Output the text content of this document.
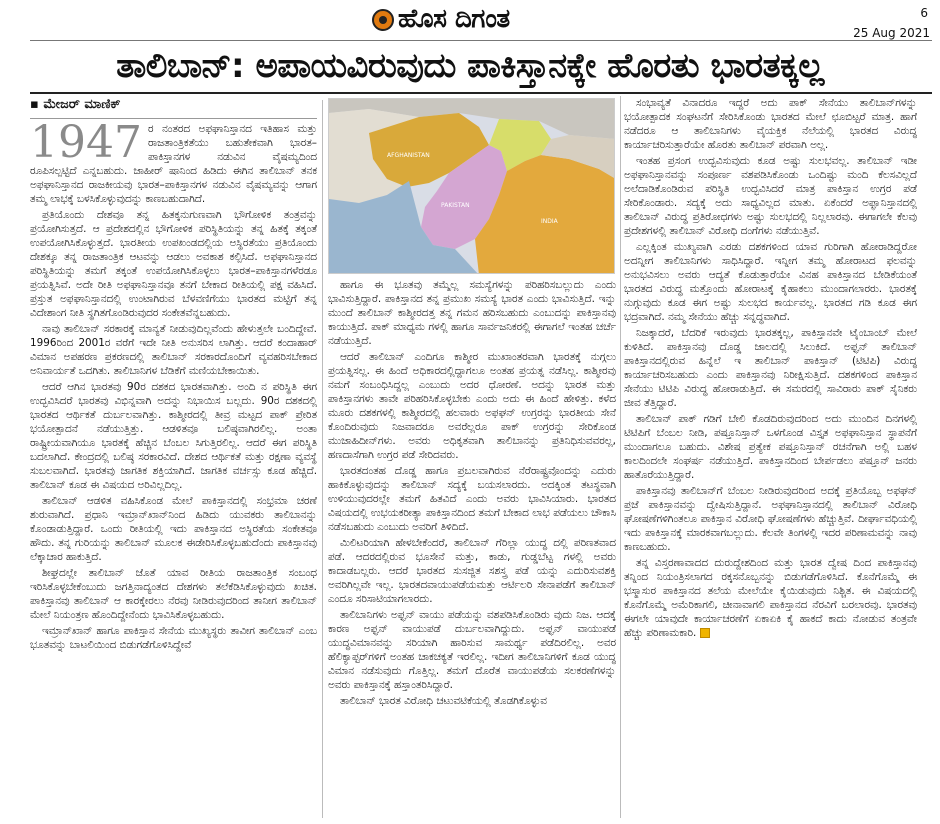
ಹೊಸ ದಿಗಂತ	6
25 Aug 2021
ತಾಲಿಬಾನ್: ಅಪಾಯವಿರುವುದು ಪಾಕಿಸ್ತಾನಕ್ಕೇ ಹೊರತು ಭಾರತಕ್ಕಲ್ಲ
▪ ಮೇಜರ್ ಮಾಣಿಕ್

1947 ರ ನಂತರದ ಅಫಘಾನಿಸ್ತಾನದ ಇತಿಹಾಸ ಮತ್ತು ರಾಜತಾಂತ್ರಿಕತೆಯು ಬಹುತೇಕವಾಗಿ ಭಾರತ–ಪಾಕಿಸ್ತಾನಗಳ ನಡುವಿನ ವೈಷಮ್ಯದಿಂದ ರೂಪಿಸಲ್ಪಟ್ಟಿದೆ ಎನ್ನಬಹುದು. ಜಾಹೀರ್ ಷಾನಿಂದ ಹಿಡಿದು ಈಗಿನ ತಾಲಿಬಾನ್ ತನಕ ಅಫಘಾನಿಸ್ತಾನದ ರಾಜಕೀಯವು ಭಾರತ–ಪಾಕಿಸ್ತಾನಗಳ ನಡುವಿನ ವೈಷಮ್ಯವನ್ನು ಆಗಾಗ ತಮ್ಮ ಲಾಭಕ್ಕೆ ಬಳಸಿಕೊಳ್ಳುವುದನ್ನು ಕಾಣಬಹುದಾಗಿದೆ.

ಪ್ರತಿಯೊಂದು ದೇಶವೂ ತನ್ನ ಹಿತಕ್ಕನುಗುಣವಾಗಿ ಭೌಗೋಳಿಕ ತಂತ್ರವನ್ನು ಪ್ರಯೋಗಿಸುತ್ತದೆ. ಆ ಪ್ರದೇಶದಲ್ಲಿನ ಭೌಗೋಳಿಕ ಪರಿಸ್ಥಿತಿಯನ್ನು ತನ್ನ ಹಿತಕ್ಕೆ ತಕ್ಕಂತೆ ಉಪಯೋಗಿಸಿಕೊಳ್ಳುತ್ತದೆ. ಭಾರತೀಯ ಉಪಖಂಡದಲ್ಲಿಯ ಅಸ್ಥಿರತೆಯು ಪ್ರತಿಯೊಂದು ದೇಶಕ್ಕೂ ತನ್ನ ರಾಜತಾಂತ್ರಿಕ ಆಟವನ್ನು ಆಡಲು ಅವಕಾಶ ಕಲ್ಪಿಸಿದೆ. ಅಫಘಾನಿಸ್ತಾನದ ಪರಿಸ್ಥಿತಿಯನ್ನು ತಮಗೆ ತಕ್ಕಂತೆ ಉಪಯೋಗಿಸಿಕೊಳ್ಳಲು ಭಾರತ–ಪಾಕಿಸ್ತಾನಗಳೆರಡೂ ಪ್ರಯತ್ನಿಸಿವೆ. ಅದೇ ರೀತಿ ಅಫಘಾನಿಸ್ತಾನವೂ ತನಗೆ ಬೇಕಾದ ರೀತಿಯಲ್ಲಿ ಪಕ್ಷ ವಹಿಸಿದೆ. ಪ್ರಸ್ತುತ ಅಫಘಾನಿಸ್ತಾನದಲ್ಲಿ ಉಂಟಾಗಿರುವ ಬೆಳವಣಿಗೆಯು ಭಾರತದ ಮಟ್ಟಿಗೆ ತನ್ನ ವಿದೇಶಾಂಗ ನೀತಿ ಸ್ಥಗಿತಗೊಂಡಿರುವುದರ ಸಂಕೇತವೆನ್ನಬಹುದು.

ನಾವು ತಾಲಿಬಾನ್ ಸರಕಾರಕ್ಕೆ ಮಾನ್ಯತೆ ನೀಡುವುದಿಲ್ಲವೆಂದು ಹೇಳುತ್ತಲೇ ಬಂದಿದ್ದೇವೆ. 1996ರಿಂದ 2001ರ ವರೆಗೆ ಇದೇ ನೀತಿ ಅನುಸರಿಸ ಲಾಗಿತ್ತು. ಆದರೆ ಕಂದಾಹಾರ್ ವಿಮಾನ ಅಪಹರಣ ಪ್ರಕರಣದಲ್ಲಿ ತಾಲಿಬಾನ್ ಸರಕಾರದೊಂದಿಗೆ ವ್ಯವಹರಿಸಬೇಕಾದ ಅನಿವಾರ್ಯತೆ ಒದಗಿತು. ತಾಲಿಬಾನಿಗಳ ಬೆಡಿಕೆಗೆ ಮಣಿಯಬೇಕಾಯಿತು.

ಆದರೆ ಆಗಿನ ಭಾರತವು 90ರ ದಶಕದ ಭಾರತವಾಗಿತ್ತು. ಅಂದಿ ನ ಪರಿಸ್ಥಿತಿ ಈಗ ಉದ್ಭವಿಸಿದರೆ ಭಾರತವು ವಿಭಿನ್ನವಾಗಿ ಅದನ್ನು ನಿಭಾಯಿಸ ಬಲ್ಲದು. 90ರ ದಶಕದಲ್ಲಿ ಭಾರತದ ಆರ್ಥಿಕತೆ ದುರ್ಬಲವಾಗಿತ್ತು. ಕಾಶ್ಮೀರದಲ್ಲಿ ತೀವ್ರ ಮಟ್ಟದ ಪಾಕ್ ಪ್ರೇರಿತ ಭಯೋತ್ಪಾದನೆ ನಡೆಯುತ್ತಿತ್ತು. ಆಡಳಿತವೂ ಬಲಿಷ್ಠವಾಗಿರಲಿಲ್ಲ. ಅಂತಾ ರಾಷ್ಟ್ರೀಯವಾಗಿಯೂ ಭಾರತಕ್ಕೆ ಹೆಚ್ಚಿನ ಬೆಂಬಲ ಸಿಗುತ್ತಿರಲಿಲ್ಲ. ಆದರೆ ಈಗ ಪರಿಸ್ಥಿತಿ ಬದಲಾಗಿದೆ. ಕೇಂದ್ರದಲ್ಲಿ ಬಲಿಷ್ಠ ಸರಕಾರವಿದೆ. ದೇಶದ ಆರ್ಥಿಕತೆ ಮತ್ತು ರಕ್ಷಣಾ ವ್ಯವಸ್ಥೆ ಸುಬಲವಾಗಿದೆ. ಭಾರತವು ಜಾಗತಿಕ ಶಕ್ತಿಯಾಗಿದೆ. ಜಾಗತಿಕ ವರ್ಚಸ್ಸು ಕೂಡ ಹೆಚ್ಚಿದೆ. ತಾಲಿಬಾನ್ ಕೂಡ ಈ ವಿಷಯದ ಅರಿವಿಲ್ಲದಿಲ್ಲ.

ತಾಲಿಬಾನ್ ಆಡಳಿತ ವಹಿಸಿಕೊಂಡ ಮೇಲೆ ಪಾಕಿಸ್ತಾನದಲ್ಲಿ ಸಂಭ್ರಮಾ ಚರಣೆ ಶುರುವಾಗಿದೆ. ಪ್ರಧಾನಿ ಇಮ್ರಾನ್‌ಖಾನ್‌ನಿಂದ ಹಿಡಿದು ಯುವಕರು ತಾಲಿಬಾನನ್ನು ಕೊಂಡಾಡುತ್ತಿದ್ದಾರೆ. ಒಂದು ರೀತಿಯಲ್ಲಿ ಇದು ಪಾಕಿಸ್ತಾನದ ಅಸ್ಥಿರತೆಯ ಸಂಕೇತವೂ ಹೌದು. ತನ್ನ ಗುರಿಯನ್ನು ತಾಲಿಬಾನ್ ಮೂಲಕ ಈಡೇರಿಸಿಕೊಳ್ಳಬಹುದೆಂದು ಪಾಕಿಸ್ತಾನವು ಲೆಕ್ಕಾಚಾರ ಹಾಕುತ್ತಿದೆ.

ಶೀಘ್ರದಲ್ಲೇ ತಾಲಿಬಾನ್ ಜೊತೆ ಯಾವ ರೀತಿಯ ರಾಜತಾಂತ್ರಿಕ ಸಂಬಂಧ ಇರಿಸಿಕೊಳ್ಳಬೇಕೆಂಬುದು ಜಗತ್ತಿನಾದ್ಯಂತದ ದೇಶಗಳು ತಲೆಕೆಡಿಸಿಕೊಳ್ಳುವುದು ಖಚಿತ. ಪಾಕಿಸ್ತಾನವು ತಾಲಿಬಾನ್ ಆ ಕಾರಕ್ಕೇರಲು ನೆರವು ನೀಡಿರುವುದರಿಂದ ತಾನೀಗ ತಾಲಿಬಾನ್ ಮೇಲೆ ನಿಯಂತ್ರಣ ಹೊಂದಿದ್ದೇನೆಂದು ಭಾವಿಸಿಕೊಳ್ಳಬಹುದು.

ಇಮ್ರಾನ್‌ಖಾನ್ ಹಾಗೂ ಪಾಕಿಸ್ತಾನ ಸೇನೆಯ ಮುಖ್ಯಸ್ಥರು ತಾವೀಗ ತಾಲಿಬಾನ್ ಎಂಬ ಭೂತವನ್ನು ಬಾಟಲಿಯಿಂದ ಬಿಡುಗಡೆಗೊಳಿಸಿದ್ದೇವೆ

AFGHANISTAN
PAKISTAN
INDIA

ಹಾಗೂ ಈ ಭೂತವು ತಮ್ಮೆಲ್ಲ ಸಮಸ್ಯೆಗಳನ್ನು ಪರಿಹರಿಸಬಲ್ಲುದು ಎಂದು ಭಾವಿಸುತ್ತಿದ್ದಾರೆ. ಪಾಕಿಸ್ತಾನದ ತನ್ನ ಪ್ರಮುಖ ಸಮಸ್ಯೆ ಭಾರತ ಎಂದು ಭಾವಿಸುತ್ತಿದೆ. ಇನ್ನು ಮುಂದೆ ತಾಲಿಬಾನ್ ಕಾಶ್ಮೀರದತ್ತ ತನ್ನ ಗಮನ ಹರಿಸಬಹುದು ಎಂಬುದನ್ನು ಪಾಕಿಸ್ತಾನವು ಕಾಯುತ್ತಿದೆ. ಪಾಕ್ ಮಾಧ್ಯಮ ಗಳಲ್ಲಿ ಹಾಗೂ ಸಾರ್ವಜನಿಕರಲ್ಲಿ ಈಗಾಗಲೆ ಇಂತಹ ಚರ್ಚೆ ನಡೆಯುತ್ತಿದೆ.

ಆದರೆ ತಾಲಿಬಾನ್ ಎಂದಿಗೂ ಕಾಶ್ಮೀರ ಮುಖಾಂತರವಾಗಿ ಭಾರತಕ್ಕೆ ನುಗ್ಗಲು ಪ್ರಯತ್ನಿಸಲ್ಲ. ಈ ಹಿಂದೆ ಅಧಿಕಾರದಲ್ಲಿದ್ದಾಗಲೂ ಅಂತಹ ಪ್ರಯತ್ನ ನಡೆಸಿಲ್ಲ. ಕಾಶ್ಮೀರವು ನಮಗೆ ಸಂಬಂಧಿಸಿದ್ದಲ್ಲ ಎಂಬುದು ಅದರ ಧೋರಣೆ. ಅದನ್ನು ಭಾರತ ಮತ್ತು ಪಾಕಿಸ್ತಾನಗಳು ತಾವೇ ಪರಿಹರಿಸಿಕೊಳ್ಳಬೇಕು ಎಂದು ಅದು ಈ ಹಿಂದೆ ಹೇಳಿತ್ತು. ಕಳೆದ ಮೂರು ದಶಕಗಳಲ್ಲಿ ಕಾಶ್ಮೀರದಲ್ಲಿ ಹಲವಾರು ಅಫಘನ್ ಉಗ್ರರನ್ನು ಭಾರತೀಯ ಸೇನೆ ಕೊಂದಿರುವುದು ನಿಜವಾದರೂ ಅವರೆಲ್ಲರೂ ಪಾಕ್ ಉಗ್ರರನ್ನು ಸೇರಿಕೊಂಡ ಮುಜಾಹಿದೀನ್‌ಗಳು. ಅವರು ಅಧಿಕೃತವಾಗಿ ತಾಲಿಬಾನನ್ನು ಪ್ರತಿನಿಧಿಸುವವರಲ್ಲ, ಹಣದಾಸೆಗಾಗಿ ಉಗ್ರರ ಪಡೆ ಸೇರಿದವರು.

ಭಾರತದಂತಹ ದೊಡ್ಡ ಹಾಗೂ ಪ್ರಬಲವಾಗಿರುವ ನೆರೆರಾಷ್ಟ್ರವೊಂದನ್ನು ಎದುರು ಹಾಕಿಕೊಳ್ಳುವುದನ್ನು ತಾಲಿಬಾನ್ ಸದ್ಯಕ್ಕೆ ಬಯಸಲಾರದು. ಅದಕ್ಕಿಂತ ತಟಸ್ಥವಾಗಿ ಉಳಿಯುವುದರಲ್ಲೇ ತಮಗೆ ಹಿತವಿದೆ ಎಂದು ಅವರು ಭಾವಿಸಿಯಾರು. ಭಾರತದ ವಿಷಯದಲ್ಲಿ ಉಭಯಕರೀತ್ಯಾ ಪಾಕಿಸ್ತಾನದಿಂದ ತಮಗೆ ಬೇಕಾದ ಲಾಭ ಪಡೆಯಲು ಚೌಕಾಸಿ ನಡೆಸಬಹುದು ಎಂಬುದು ಅವರಿಗೆ ತಿಳಿದಿದೆ.

ಮಿಲಿಟರಿಯಾಗಿ ಹೇಳಬೇಕೆಂದರೆ, ತಾಲಿಬಾನ್ ಗೆರಿಲ್ಲಾ ಯುದ್ಧ ದಲ್ಲಿ ಪರಿಣತವಾದ ಪಡೆ. ಆದರದಲ್ಲಿರುವ ಭೂಸೇನೆ ಮತ್ತು, ಕಾಡು, ಗುಡ್ಡಬೆಟ್ಟ ಗಳಲ್ಲಿ ಅವರು ಕಾದಾಡಬಲ್ಲರು. ಆದರೆ ಭಾರತದ ಸುಸಜ್ಜಿತ ಸಶಸ್ತ್ರ ಪಡೆ ಯನ್ನು ಎದುರಿಸುವಶಕ್ತಿ ಅವರಿಗಿಲ್ಲವೇ ಇಲ್ಲ. ಭಾರತದವಾಯುಪಡೆಯಮತ್ತು ಆರ್ಟಿಲರಿ ಸೇನಾಪಡೆಗೆ ತಾಲಿಬಾನ್ ಎಂದೂ ಸರಿಸಾಟಿಯಾಗಲಾರದು.

ತಾಲಿಬಾನಿಗಳು ಅಫ್ಘನ್ ವಾಯು ಪಡೆಯನ್ನು ವಶಪಡಿಸಿಕೊಂಡಿರು ವುದು ನಿಜ. ಆದಕ್ಕೆ ಕಾರಣ ಅಫ್ಘನ್ ವಾಯುಪಡೆ ದುರ್ಬಲವಾಗಿದ್ದುದು. ಅಫ್ಘನ್ ವಾಯುಪಡೆ ಯುದ್ಧವಿಮಾನವನ್ನು ಸರಿಯಾಗಿ ಹಾರಿಸುವ ಸಾಮರ್ಥ್ಯ ಪಡೆದಿರಲಿಲ್ಲ. ಅವರ ಹೆಲಿಕ್ಯಾಪ್ಟರ್‌ಗಳಿಗೆ ಅಂತಹ ಚಾಕಚಕ್ಯತೆ ಇರಲಿಲ್ಲ. ಇದೀಗ ತಾಲಿಬಾನಿಗಳಿಗೆ ಕೂಡ ಯುದ್ಧ ವಿಮಾನ ನಡೆಸುವುದು ಗೊತ್ತಿಲ್ಲ. ತಮಗೆ ದೊರೆತ ವಾಯುಪಡೆಯ ಸಲಕರಣೆಗಳನ್ನು ಅವರು ಪಾಕಿಸ್ತಾನಕ್ಕೆ ಹಸ್ತಾಂತರಿಸಿದ್ದಾರೆ.

ತಾಲಿಬಾನ್ ಭಾರತ ವಿರೋಧಿ ಚಟುವಟಿಕೆಯಲ್ಲಿ ತೊಡಗಿಕೊಳ್ಳುವ

ಸಂಭಾವ್ಯತೆ ವಿನಾದರೂ ಇದ್ದರೆ ಅದು ಪಾಕ್ ಸೇನೆಯು ತಾಲಿಬಾನ್‌ಗಳನ್ನು ಭಯೋತ್ಪಾದಕ ಸಂಘಟನೆಗೆ ಸೇರಿಸಿಕೊಂಡು ಭಾರತದ ಮೇಲೆ ಛೂಬಿಟ್ಟರೆ ಮಾತ್ರ. ಹಾಗೆ ನಡೆದರೂ ಆ ತಾಲಿಬಾನಿಗಳು ವೈಯಕ್ತಿಕ ನೆಲೆಯಲ್ಲಿ ಭಾರತದ ವಿರುದ್ಧ ಕಾರ್ಯಾಚರಿಸುತ್ತಾರೆಯೇ ಹೊರತು ತಾಲಿಬಾನ್ ಪರವಾಗಿ ಅಲ್ಲ.

ಇಂತಹ ಪ್ರಸಂಗ ಉದ್ಭವಿಸುವುದು ಕೂಡ ಅಷ್ಟು ಸುಲಭವಲ್ಲ. ತಾಲಿಬಾನ್ ಇಡೀ ಅಫಘಾನಿಸ್ತಾನವನ್ನು ಸಂಪೂರ್ಣ ವಶಪಡಿಸಿಕೊಂಡು ಒಂದಿಷ್ಟು ಮಂದಿ ಕೆಲಸವಿಲ್ಲದೆ ಅಲೆದಾಡಿಕೊಂಡಿರುವ ಪರಿಸ್ಥಿತಿ ಉದ್ಭವಿಸಿದರೆ ಮಾತ್ರ ಪಾಕಿಸ್ತಾನ ಉಗ್ರರ ಪಡೆ ಸೇರಿಕೊಂಡಾರು. ಸದ್ಯಕ್ಕೆ ಅದು ಸಾಧ್ಯವಿಲ್ಲದ ಮಾತು. ಏಕೆಂದರೆ ಅಫ್ಘಾನಿಸ್ತಾನದಲ್ಲಿ ತಾಲಿಬಾನ್ ವಿರುದ್ಧ ಪ್ರತಿರೋಧಗಳು ಅಷ್ಟು ಸುಲಭದಲ್ಲಿ ನಿಲ್ಲಲಾರವು. ಈಗಾಗಲೇ ಕೆಲವು ಪ್ರದೇಶಗಳಲ್ಲಿ ತಾಲಿಬಾನ್ ವಿರೋಧಿ ದಂಗೆಗಳು ನಡೆಯುತ್ತಿವೆ.

ಎಲ್ಲಕ್ಕಿಂತ ಮುಖ್ಯವಾಗಿ ಎರಡು ದಶಕಗಳಿಂದ ಯಾವ ಗುರಿಗಾಗಿ ಹೋರಾಡಿದ್ದರೋ ಅದನ್ನೀಗ ತಾಲಿಬಾನಿಗಳು ಸಾಧಿಸಿದ್ದಾರೆ. ಇನ್ನೀಗ ತಮ್ಮ ಹೋರಾಟದ ಫಲವನ್ನು ಅನುಭವಿಸಲು ಅವರು ಆದ್ಯತೆ ಕೊಡುತ್ತಾರೆಯೇ ವಿನಹ ಪಾಕಿಸ್ತಾನದ ಬೇಡಿಕೆಯಂತೆ ಭಾರತದ ವಿರುದ್ಧ ಮತ್ತೊಂದು ಹೋರಾಟಕ್ಕೆ ಕೈಹಾಕಲು ಮುಂದಾಗಲಾರರು. ಭಾರತಕ್ಕೆ ನುಗ್ಗುವುದು ಕೂಡ ಈಗ ಅಷ್ಟು ಸುಲಭದ ಕಾರ್ಯವಲ್ಲ. ಭಾರತದ ಗಡಿ ಕೂಡ ಈಗ ಭದ್ರವಾಗಿದೆ. ನಮ್ಮ ಸೇನೆಯು ಹೆಚ್ಚು ಸನ್ನದ್ಧವಾಗಿದೆ.

ನಿಜಕ್ಕಾದರೆ, ಬೆದರಿಕೆ ಇರುವುದು ಭಾರತಕ್ಕಲ್ಲ, ಪಾಕಿಸ್ತಾನವೇ ಟೈಂಬಾಂಬ್ ಮೇಲೆ ಕುಳಿತಿದೆ. ಪಾಕಿಸ್ತಾನವು ದೊಡ್ಡ ಜಾಲದಲ್ಲಿ ಸಿಲುಕಿದೆ. ಅಫ್ಘನ್ ತಾಲಿಬಾನ್ ಪಾಕಿಸ್ತಾನದಲ್ಲಿರುವ ಹಿನ್ನೆಲೆ ಇ ತಾಲಿಬಾನ್ ಪಾಕಿಸ್ತಾನ್ (ಟಿಟಿಪಿ) ವಿರುದ್ಧ ಕಾರ್ಯಾಚರಿಸಬಹುದು ಎಂದು ಪಾಕಿಸ್ತಾನವು ನಿರೀಕ್ಷಿಸುತ್ತಿದೆ. ದಶಕಗಳಿಂದ ಪಾಕಿಸ್ತಾನ ಸೇನೆಯು ಟಿಟಿಪಿ ವಿರುದ್ಧ ಹೋರಾಡುತ್ತಿದೆ. ಈ ಸಮರದಲ್ಲಿ ಸಾವಿರಾರು ಪಾಕ್ ಸೈನಿಕರು ಜೀವ ತೆತ್ತಿದ್ದಾರೆ.

ತಾಲಿಬಾನ್ ಪಾಕ್ ಗಡಿಗೆ ಬೇಲಿ ಕೊಡದಿರುವುದರಿಂದ ಅದು ಮುಂದಿನ ದಿನಗಳಲ್ಲಿ ಟಿಟಿಪಿಗೆ ಬೆಂಬಲ ನೀಡಿ, ಪಷ್ತೂನಿಸ್ತಾನ್ ಒಳಗೊಂಡ ವಿಸ್ತೃತ ಅಫಘಾನಿಸ್ತಾನ ಸ್ಥಾಪನೆಗೆ ಮುಂದಾಗಲೂ ಬಹುದು. ವಿಶೇಷ ಪ್ರತ್ಯೇಕ ಪಷ್ತೂನಿಸ್ತಾನ್ ರಚನೆಗಾಗಿ ಅಲ್ಲಿ ಬಹಳ ಕಾಲದಿಂದಲೇ ಸಂಘರ್ಷ ನಡೆಯುತ್ತಿದೆ. ಪಾಕಿಸ್ತಾನದಿಂದ ಬೇರ್ಪಡಲು ಪಷ್ತೂನ್ ಜನರು ಹಾತೊರೆಯುತ್ತಿದ್ದಾರೆ.

ಪಾಕಿಸ್ತಾನವು ತಾಲಿಬಾನ್‌ಗೆ ಬೆಂಬಲ ನೀಡಿರುವುದರಿಂದ ಅದಕ್ಕೆ ಪ್ರತಿಯೊಬ್ಬ ಅಫಘನ್ ಪ್ರಜೆ ಪಾಕಿಸ್ತಾನವನ್ನು ದ್ವೇಷಿಸುತ್ತಿದ್ದಾನೆ. ಅಫಘಾನಿಸ್ತಾನದಲ್ಲಿ ತಾಲಿಬಾನ್ ವಿರೋಧಿ ಘೋಷಣೆಗಳಿಗಿಂತಲೂ ಪಾಕಿಸ್ತಾನ ವಿರೋಧಿ ಘೋಷಣೆಗಳು ಹೆಚ್ಚುತ್ತಿವೆ. ದೀರ್ಘಾವಧಿಯಲ್ಲಿ ಇದು ಪಾಕಿಸ್ತಾನಕ್ಕೆ ಮಾರಕವಾಗಬಲ್ಲುದು. ಕೆಲವೇ ತಿಂಗಳಲ್ಲಿ ಇದರ ಪರಿಣಾಮವನ್ನು ನಾವು ಕಾಣಬಹುದು.

ತನ್ನ ವಿಸ್ತರಣಾವಾದದ ದುರುದ್ದೇಶದಿಂದ ಮತ್ತು ಭಾರತ ದ್ವೇಷ ದಿಂದ ಪಾಕಿಸ್ತಾನವು ತನ್ನಿಂದ ನಿಯಂತ್ರಿಸಲಾಗದ ರಕ್ಕಸನೊಬ್ಬನನ್ನು ಬಿಡುಗಡೆಗೊಳಿಸಿದೆ. ಕೊನೆಗೊಮ್ಮೆ ಈ ಭಸ್ಮಾಸುರ ಪಾಕಿಸ್ತಾನದ ತಲೆಯ ಮೇಲೆಯೇ ಕೈಯಿಡುವುದು ನಿಶ್ಚಿತ. ಈ ವಿಷಯದಲ್ಲಿ ಕೊನೆಗೊಮ್ಮೆ ಅಮೆರಿಕಾಗಲಿ, ಚೀನಾವಾಗಲಿ ಪಾಕಿಸ್ತಾನದ ನೆರವಿಗೆ ಬರಲಾರವು. ಭಾರತವು ಈಗಲೇ ಯಾವುದೇ ಕಾರ್ಯಾಚರಣೆಗೆ ಏಕಾಏಕಿ ಕೈ ಹಾಕದೆ ಕಾದು ನೋಡುವ ತಂತ್ರವೇ ಹೆಚ್ಚು ಪರಿಣಾಮಕಾರಿ.
